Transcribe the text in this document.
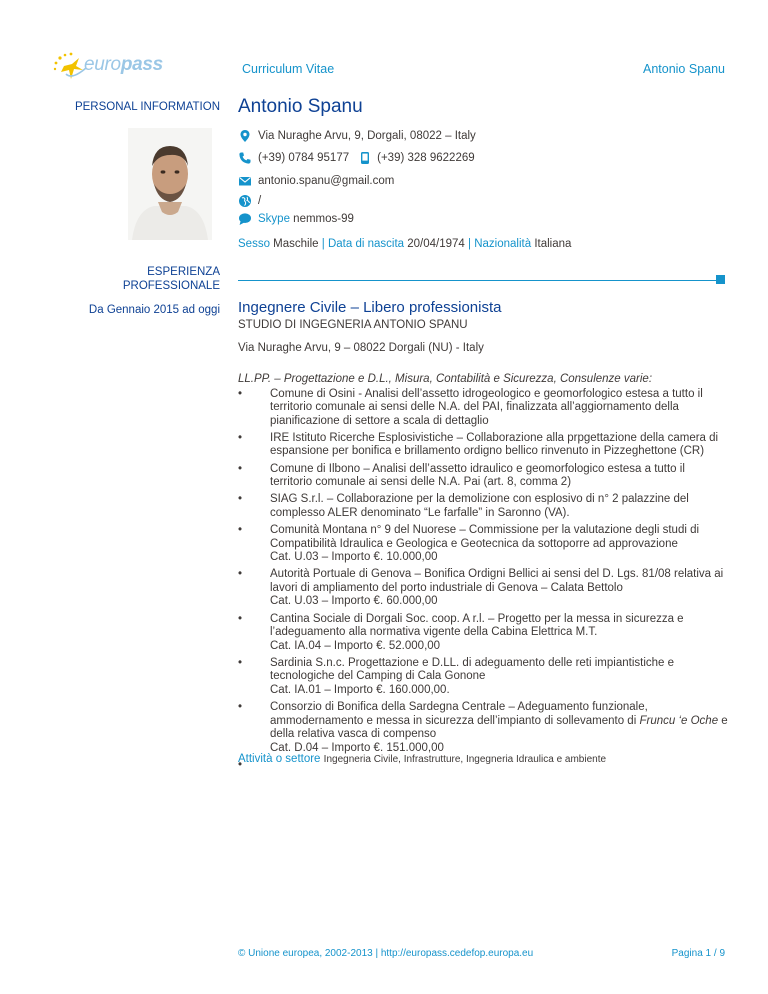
europass	Curriculum Vitae	Antonio Spanu
PERSONAL INFORMATION Antonio Spanu
Via Nuraghe Arvu, 9, Dorgali, 08022 – Italy
(+39) 0784 95177 (+39) 328 9622269
antonio.spanu@gmail.com
/
Skype
nemmos-99
Sesso Maschile | Data di nascita 20/04/1974 | Nazionalità Italiana
ESPERIENZA PROFESSIONALE
Da Gennaio 2015 ad oggi Ingegnere Civile – Libero professionista
STUDIO DI INGEGNERIA ANTONIO SPANU
Via Nuraghe Arvu, 9 – 08022 Dorgali (NU) - Italy

LL.PP. – Progettazione e D.L., Misura, Contabilità e Sicurezza, Consulenze varie:

• Comune di Osini - Analisi dell’assetto idrogeologico e geomorfologico estesa a tutto il territorio comunale ai sensi delle N.A. del PAI, finalizzata all’aggiornamento della pianificazione di settore a scala di dettaglio
• IRE Istituto Ricerche Esplosivistiche – Collaborazione alla prpgettazione della camera di espansione per bonifica e brillamento ordigno bellico rinvenuto in Pizzeghettone (CR)
• Comune di Ilbono – Analisi dell’assetto idraulico e geomorfologico estesa a tutto il territorio comunale ai sensi delle N.A. Pai (art. 8, comma 2)
• SIAG S.r.l. – Collaborazione per la demolizione con esplosivo di n° 2 palazzine del complesso ALER denominato “Le farfalle” in Saronno (VA).
• Comunità Montana n° 9 del Nuorese – Commissione per la valutazione degli studi di Compatibilità Idraulica e Geologica e Geotecnica da sottoporre ad approvazione
Cat. U.03 – Importo €. 10.000,00
• Autorità Portuale di Genova – Bonifica Ordigni Bellici ai sensi del D. Lgs. 81/08 relativa ai lavori di ampliamento del porto industriale di Genova – Calata Bettolo
Cat. U.03 – Importo €. 60.000,00
• Cantina Sociale di Dorgali Soc. coop. A r.l. – Progetto per la messa in sicurezza e l’adeguamento alla normativa vigente della Cabina Elettrica M.T.
Cat. IA.04 – Importo €. 52.000,00
• Sardinia S.n.c. Progettazione e D.LL. di adeguamento delle reti impiantistiche e tecnologiche del Camping di Cala Gonone
Cat. IA.01 – Importo €. 160.000,00.
• Consorzio di Bonifica della Sardegna Centrale – Adeguamento funzionale, ammodernamento e messa in sicurezza dell’impianto di sollevamento di Fruncu ‘e Oche e della relativa vasca di compenso
Cat. D.04 – Importo €. 151.000,00
•
Attività o settore Ingegneria Civile, Infrastrutture, Ingegneria Idraulica e ambiente
© Unione europea, 2002-2013 | http://europass.cedefop.europa.eu	Pagina 1 / 9
